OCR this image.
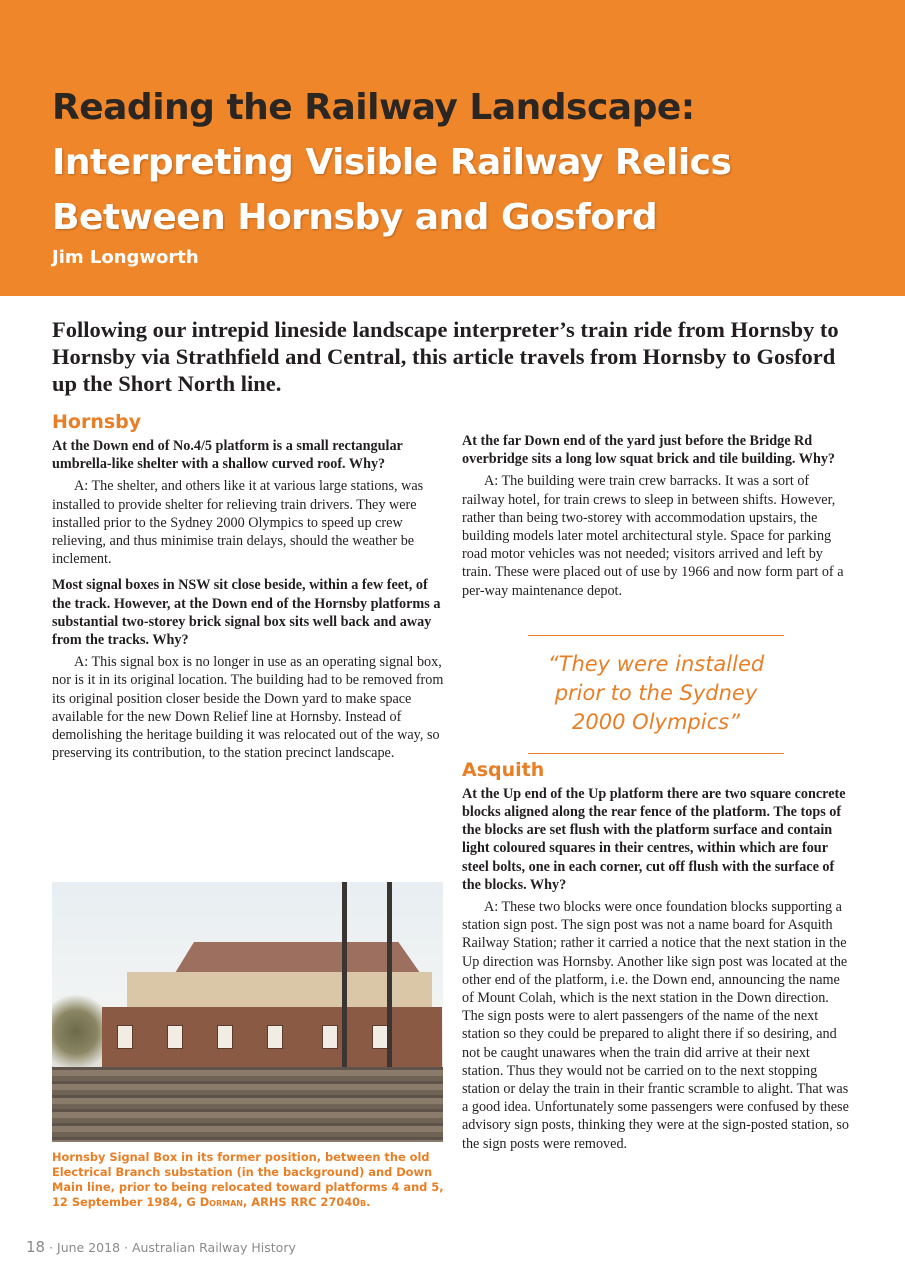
Reading the Railway Landscape:
Interpreting Visible Railway Relics
Between Hornsby and Gosford
Jim Longworth

Following our intrepid lineside landscape interpreter’s train ride from Hornsby to Hornsby via Strathfield and Central, this article travels from Hornsby to Gosford up the Short North line.

Hornsby

At the Down end of No.4/5 platform is a small rectangular umbrella-like shelter with a shallow curved roof. Why?

A: The shelter, and others like it at various large stations, was installed to provide shelter for relieving train drivers. They were installed prior to the Sydney 2000 Olympics to speed up crew relieving, and thus minimise train delays, should the weather be inclement.

Most signal boxes in NSW sit close beside, within a few feet, of the track. However, at the Down end of the Hornsby platforms a substantial two-storey brick signal box sits well back and away from the tracks. Why?

A: This signal box is no longer in use as an operating signal box, nor is it in its original location. The building had to be removed from its original position closer beside the Down yard to make space available for the new Down Relief line at Hornsby. Instead of demolishing the heritage building it was relocated out of the way, so preserving its contribution, to the station precinct landscape.

Hornsby Signal Box in its former position, between the old Electrical Branch substation (in the background) and Down Main line, prior to being relocated toward platforms 4 and 5, 12 September 1984, G Dorman, ARHS RRC 27040b.

At the far Down end of the yard just before the Bridge Rd overbridge sits a long low squat brick and tile building. Why?

A: The building were train crew barracks. It was a sort of railway hotel, for train crews to sleep in between shifts. However, rather than being two-storey with accommodation upstairs, the building models later motel architectural style. Space for parking road motor vehicles was not needed; visitors arrived and left by train. These were placed out of use by 1966 and now form part of a per-way maintenance depot.

Asquith

At the Up end of the Up platform there are two square concrete blocks aligned along the rear fence of the platform. The tops of the blocks are set flush with the platform surface and contain light coloured squares in their centres, within which are four steel bolts, one in each corner, cut off flush with the surface of the blocks. Why?

A: These two blocks were once foundation blocks supporting a station sign post. The sign post was not a name board for Asquith Railway Station; rather it carried a notice that the next station in the Up direction was Hornsby. Another like sign post was located at the other end of the platform, i.e. the Down end, announcing the name of Mount Colah, which is the next station in the Down direction. The sign posts were to alert passengers of the name of the next station so they could be prepared to alight there if so desiring, and not be caught unawares when the train did arrive at their next station. Thus they would not be carried on to the next stopping station or delay the train in their frantic scramble to alight. That was a good idea. Unfortunately some passengers were confused by these advisory sign posts, thinking they were at the sign-posted station, so the sign posts were removed.

“They were installed prior to the Sydney 2000 Olympics”
18 · June 2018 · Australian Railway History
